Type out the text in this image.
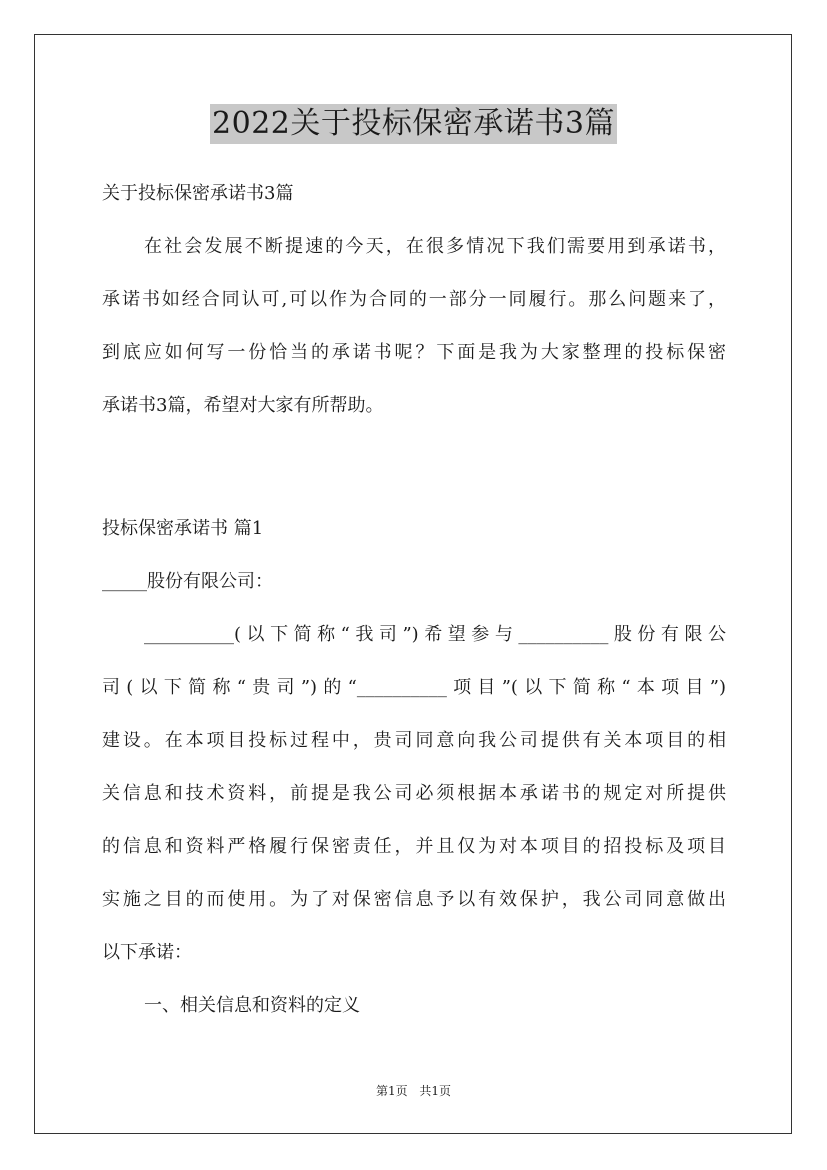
2022关于投标保密承诺书3篇
关于投标保密承诺书3篇
在社会发展不断提速的今天，在很多情况下我们需要用到承诺书，
承诺书如经合同认可,可以作为合同的一部分一同履行。那么问题来了，
到底应如何写一份恰当的承诺书呢？下面是我为大家整理的投标保密
承诺书3篇，希望对大家有所帮助。
投标保密承诺书 篇1
_____股份有限公司：
__________(以下简称“我司”)希望参与__________股份有限公
司(以下简称“贵司”)的“__________项目”(以下简称“本项目”)
建设。在本项目投标过程中，贵司同意向我公司提供有关本项目的相
关信息和技术资料，前提是我公司必须根据本承诺书的规定对所提供
的信息和资料严格履行保密责任，并且仅为对本项目的招投标及项目
实施之目的而使用。为了对保密信息予以有效保护，我公司同意做出
以下承诺：
一、相关信息和资料的定义
第1页 共1页
